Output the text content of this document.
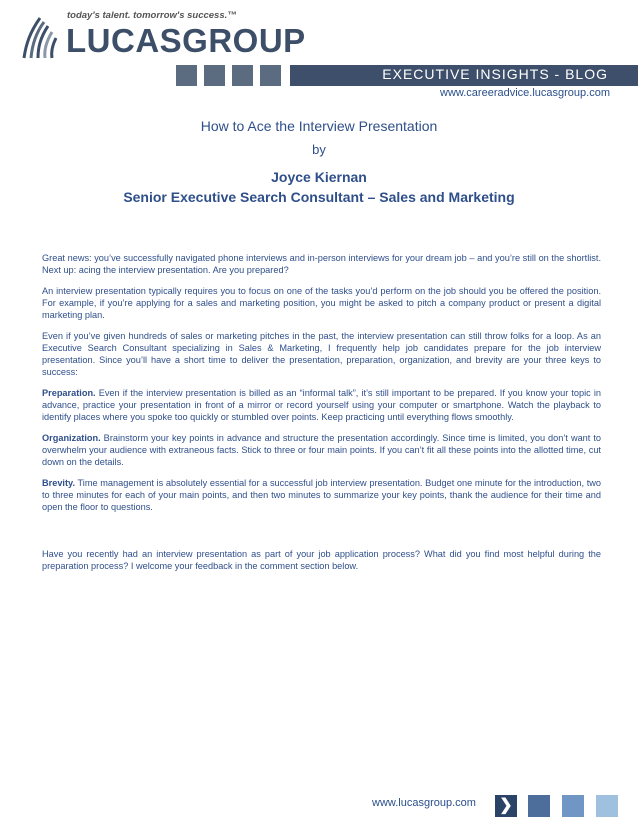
today's talent. tomorrow's success.™
LUCASGROUP
EXECUTIVE INSIGHTS - BLOG
www.careeradvice.lucasgroup.com

How to Ace the Interview Presentation

by

Joyce Kiernan

Senior Executive Search Consultant – Sales and Marketing

Great news: you’ve successfully navigated phone interviews and in-person interviews for your dream job – and you’re still on the shortlist. Next up: acing the interview presentation. Are you prepared?

An interview presentation typically requires you to focus on one of the tasks you’d perform on the job should you be offered the position. For example, if you’re applying for a sales and marketing position, you might be asked to pitch a company product or present a digital marketing plan.

Even if you’ve given hundreds of sales or marketing pitches in the past, the interview presentation can still throw folks for a loop. As an Executive Search Consultant specializing in Sales & Marketing, I frequently help job candidates prepare for the job interview presentation. Since you’ll have a short time to deliver the presentation, preparation, organization, and brevity are your three keys to success:

Preparation. Even if the interview presentation is billed as an “informal talk”, it’s still important to be prepared. If you know your topic in advance, practice your presentation in front of a mirror or record yourself using your computer or smartphone. Watch the playback to identify places where you spoke too quickly or stumbled over points. Keep practicing until everything flows smoothly.

Organization. Brainstorm your key points in advance and structure the presentation accordingly. Since time is limited, you don’t want to overwhelm your audience with extraneous facts. Stick to three or four main points. If you can’t fit all these points into the allotted time, cut down on the details.

Brevity. Time management is absolutely essential for a successful job interview presentation. Budget one minute for the introduction, two to three minutes for each of your main points, and then two minutes to summarize your key points, thank the audience for their time and open the floor to questions.

Have you recently had an interview presentation as part of your job application process? What did you find most helpful during the preparation process? I welcome your feedback in the comment section below.

www.lucasgroup.com ❯
